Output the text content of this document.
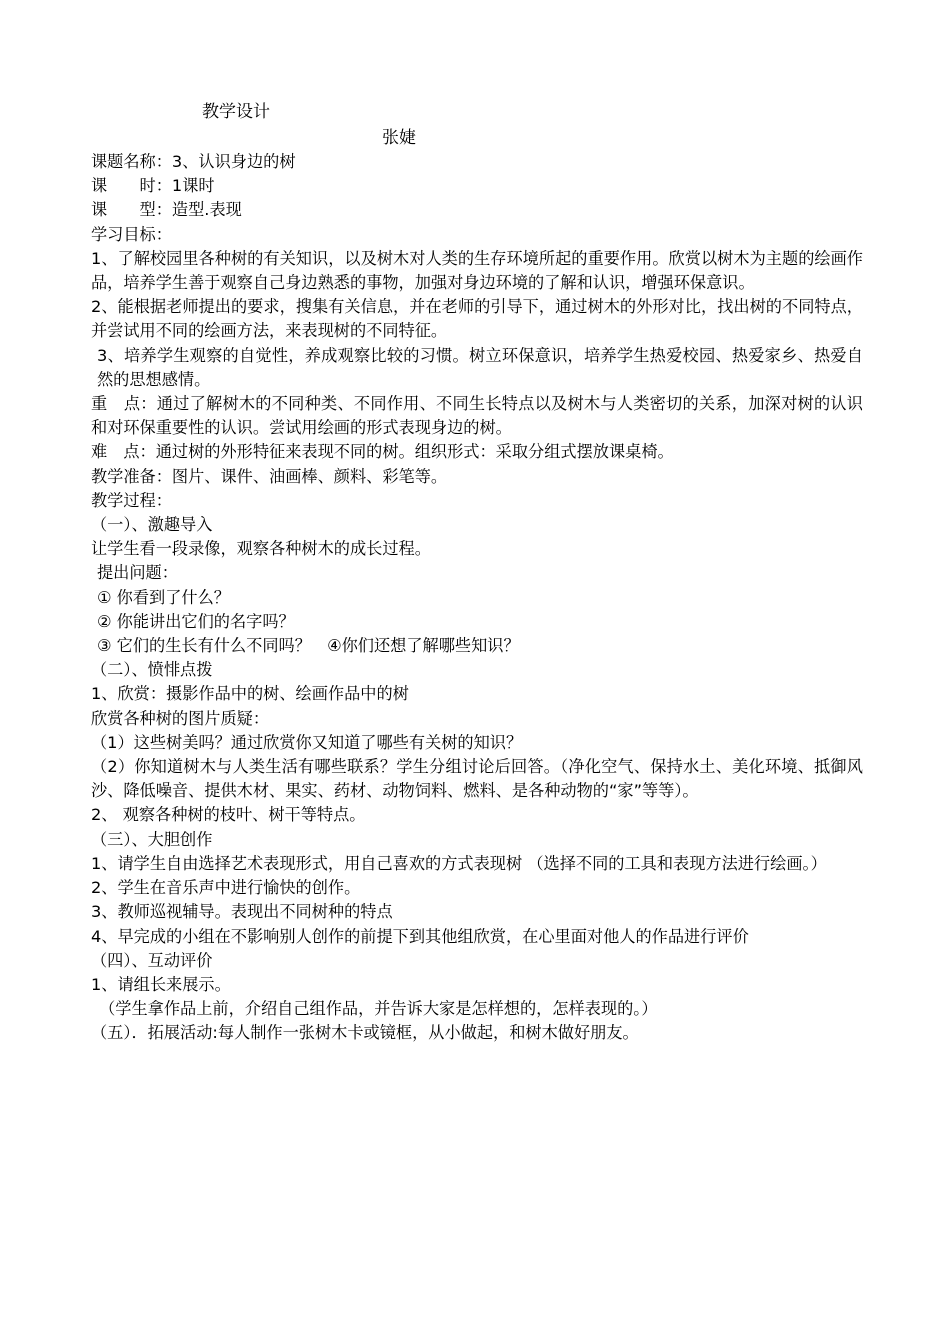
教学设计
张婕

课题名称：3、认识身边的树

课　　时：1课时

课　　型：造型.表现

学习目标：

1、了解校园里各种树的有关知识，以及树木对人类的生存环境所起的重要作用。欣赏以树木为主题的绘画作品，培养学生善于观察自己身边熟悉的事物，加强对身边环境的了解和认识，增强环保意识。

2、能根据老师提出的要求，搜集有关信息，并在老师的引导下，通过树木的外形对比，找出树的不同特点，并尝试用不同的绘画方法，来表现树的不同特征。

3、培养学生观察的自觉性，养成观察比较的习惯。树立环保意识，培养学生热爱校园、热爱家乡、热爱自然的思想感情。

重　点：通过了解树木的不同种类、不同作用、不同生长特点以及树木与人类密切的关系，加深对树的认识和对环保重要性的认识。尝试用绘画的形式表现身边的树。

难　点：通过树的外形特征来表现不同的树。组织形式：采取分组式摆放课桌椅。

教学准备：图片、课件、油画棒、颜料、彩笔等。

教学过程：

（一）、激趣导入

让学生看一段录像，观察各种树木的成长过程。

提出问题：

① 你看到了什么？

② 你能讲出它们的名字吗？

③ 它们的生长有什么不同吗？　④你们还想了解哪些知识？

（二）、愤悱点拨

1、欣赏：摄影作品中的树、绘画作品中的树

欣赏各种树的图片质疑：

（1）这些树美吗？通过欣赏你又知道了哪些有关树的知识？

（2）你知道树木与人类生活有哪些联系？学生分组讨论后回答。（净化空气、保持水土、美化环境、抵御风沙、降低噪音、提供木材、果实、药材、动物饲料、燃料、是各种动物的“家”等等）。

2、 观察各种树的枝叶、树干等特点。

（三）、大胆创作

1、请学生自由选择艺术表现形式，用自己喜欢的方式表现树 （选择不同的工具和表现方法进行绘画。）

2、学生在音乐声中进行愉快的创作。

3、教师巡视辅导。表现出不同树种的特点

4、早完成的小组在不影响别人创作的前提下到其他组欣赏，在心里面对他人的作品进行评价

（四）、互动评价

1、请组长来展示。

　（学生拿作品上前，介绍自己组作品，并告诉大家是怎样想的，怎样表现的。）

（五）．拓展活动:每人制作一张树木卡或镜框，从小做起，和树木做好朋友。
